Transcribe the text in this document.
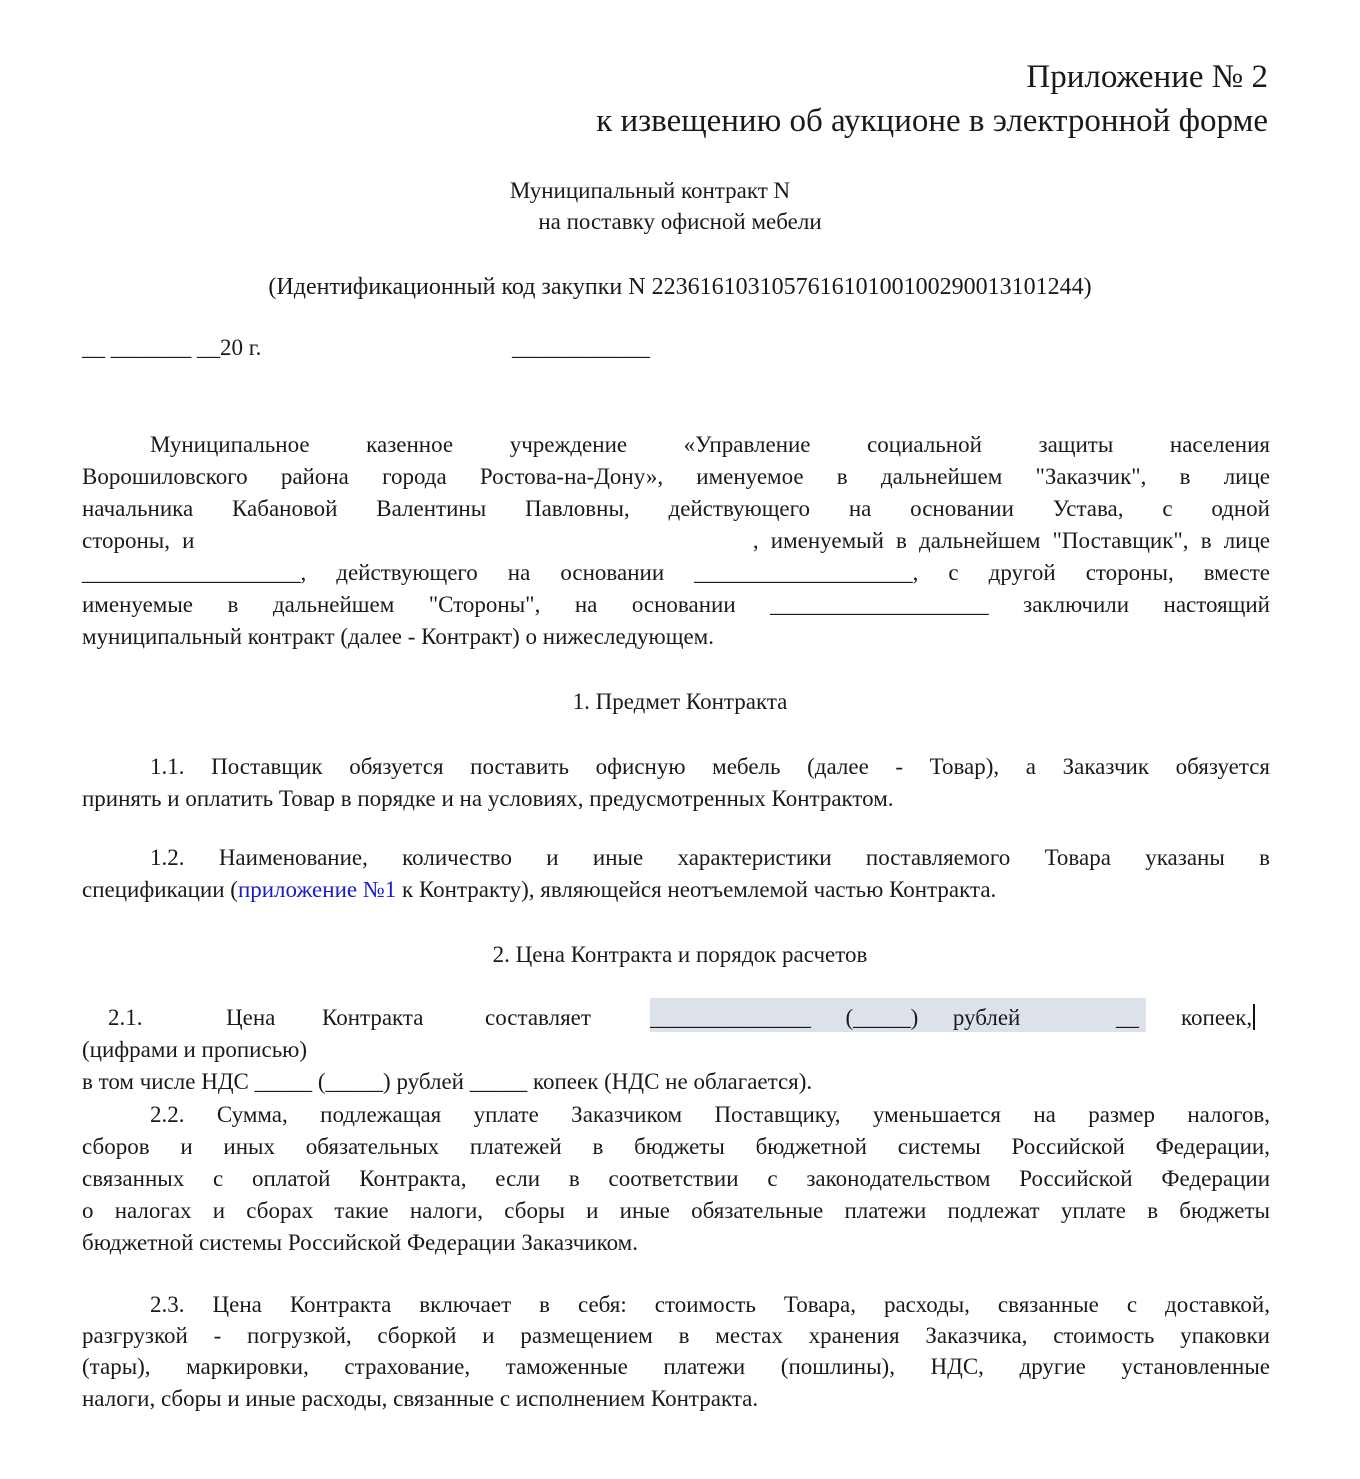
Приложение № 2
к извещению об аукционе в электронной форме
Муниципальный контракт N
на поставку офисной мебели
(Идентификационный код закупки N 223616103105761610100100290013101244)
__ _______ __20 г.	____________
Муниципальное казенное учреждение «Управление социальной защиты населения
Ворошиловского района города Ростова-на-Дону», именуемое в дальнейшем "Заказчик", в лице
начальника Кабановой Валентины Павловны, действующего на основании Устава, с одной
стороны, и                                              , именуемый в дальнейшем "Поставщик", в лице
___________________, действующего на основании ___________________, с другой стороны, вместе
именуемые в дальнейшем "Стороны", на основании ___________________ заключили настоящий
муниципальный контракт (далее - Контракт) о нижеследующем.
1. Предмет Контракта
1.1. Поставщик обязуется поставить офисную мебель (далее - Товар), а Заказчик обязуется
принять и оплатить Товар в порядке и на условиях, предусмотренных Контрактом.
1.2. Наименование, количество и иные характеристики поставляемого Товара указаны в
спецификации (приложение №1 к Контракту), являющейся неотъемлемой частью Контракта.
2. Цена Контракта и порядок расчетов
2.1.	Цена Контракта	составляет	______________      (_____)      рублей	__ копеек,
(цифрами и прописью)
в том числе НДС _____ (_____) рублей _____ копеек (НДС не облагается).
2.2. Сумма, подлежащая уплате Заказчиком Поставщику, уменьшается на размер налогов,
сборов и иных обязательных платежей в бюджеты бюджетной системы Российской Федерации,
связанных с оплатой Контракта, если в соответствии с законодательством Российской Федерации
о налогах и сборах такие налоги, сборы и иные обязательные платежи подлежат уплате в бюджеты
бюджетной системы Российской Федерации Заказчиком.
2.3. Цена Контракта включает в себя: стоимость Товара, расходы, связанные с доставкой,
разгрузкой - погрузкой, сборкой и размещением в местах хранения Заказчика, стоимость упаковки
(тары), маркировки, страхование, таможенные платежи (пошлины), НДС, другие установленные
налоги, сборы и иные расходы, связанные с исполнением Контракта.
